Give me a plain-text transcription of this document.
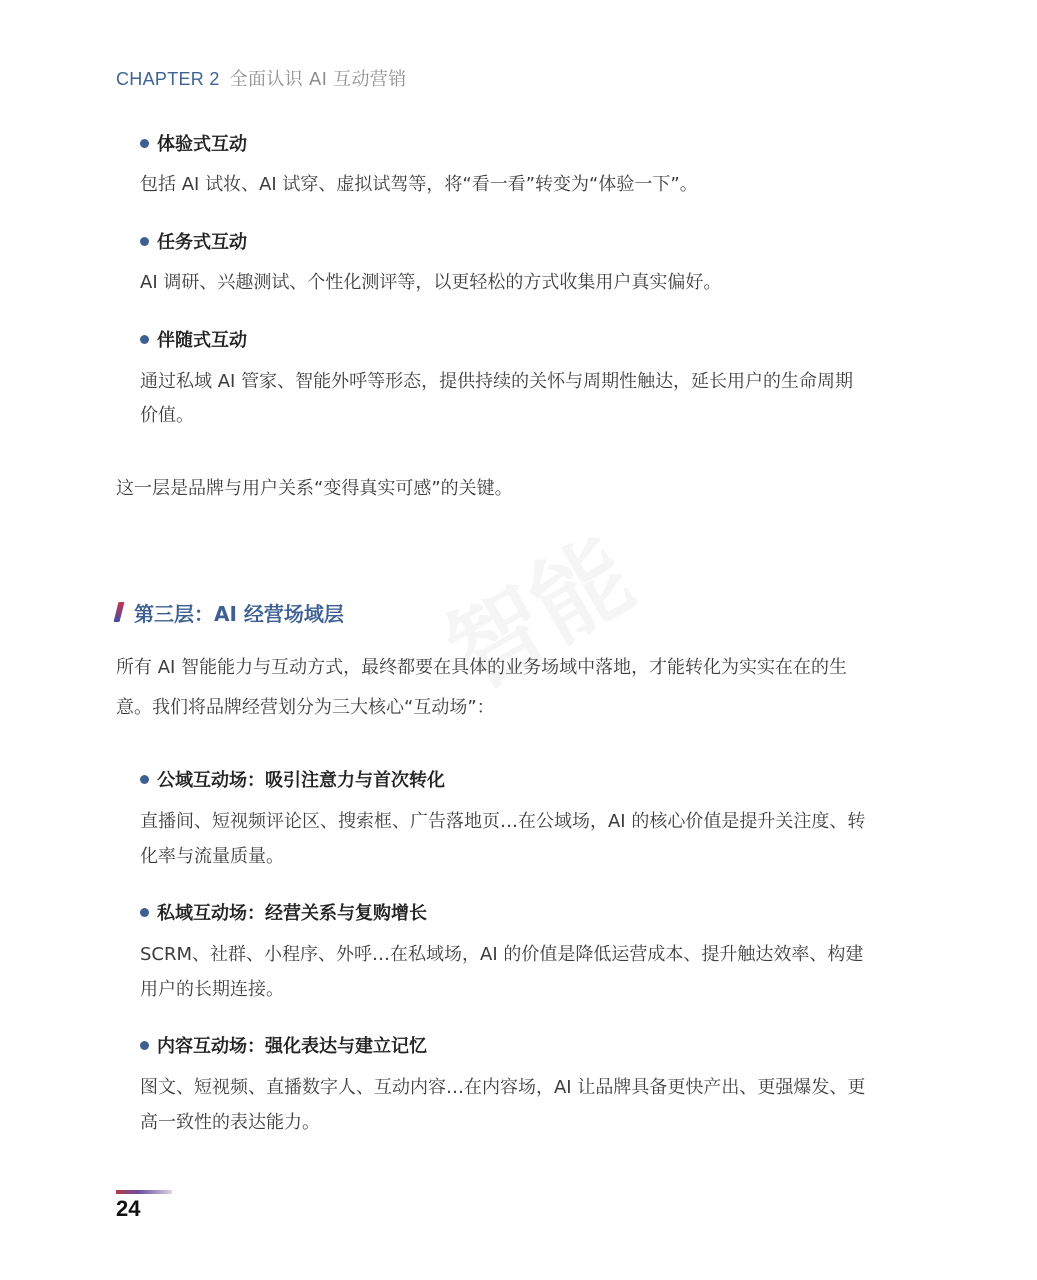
CHAPTER 2 全面认识 AI 互动营销
体验式互动
包括 AI 试妆、AI 试穿、虚拟试驾等，将“看一看”转变为“体验一下”。
任务式互动
AI 调研、兴趣测试、个性化测评等，以更轻松的方式收集用户真实偏好。
伴随式互动
通过私域 AI 管家、智能外呼等形态，提供持续的关怀与周期性触达，延长用户的生命周期
价值。
这一层是品牌与用户关系“变得真实可感”的关键。
第三层：AI 经营场域层
所有 AI 智能能力与互动方式，最终都要在具体的业务场域中落地，才能转化为实实在在的生
意。我们将品牌经营划分为三大核心“互动场”：
公域互动场：吸引注意力与首次转化
直播间、短视频评论区、搜索框、广告落地页…在公域场，AI 的核心价值是提升关注度、转
化率与流量质量。
私域互动场：经营关系与复购增长
SCRM、社群、小程序、外呼…在私域场，AI 的价值是降低运营成本、提升触达效率、构建
用户的长期连接。
内容互动场：强化表达与建立记忆
图文、短视频、直播数字人、互动内容…在内容场，AI 让品牌具备更快产出、更强爆发、更
高一致性的表达能力。
24
